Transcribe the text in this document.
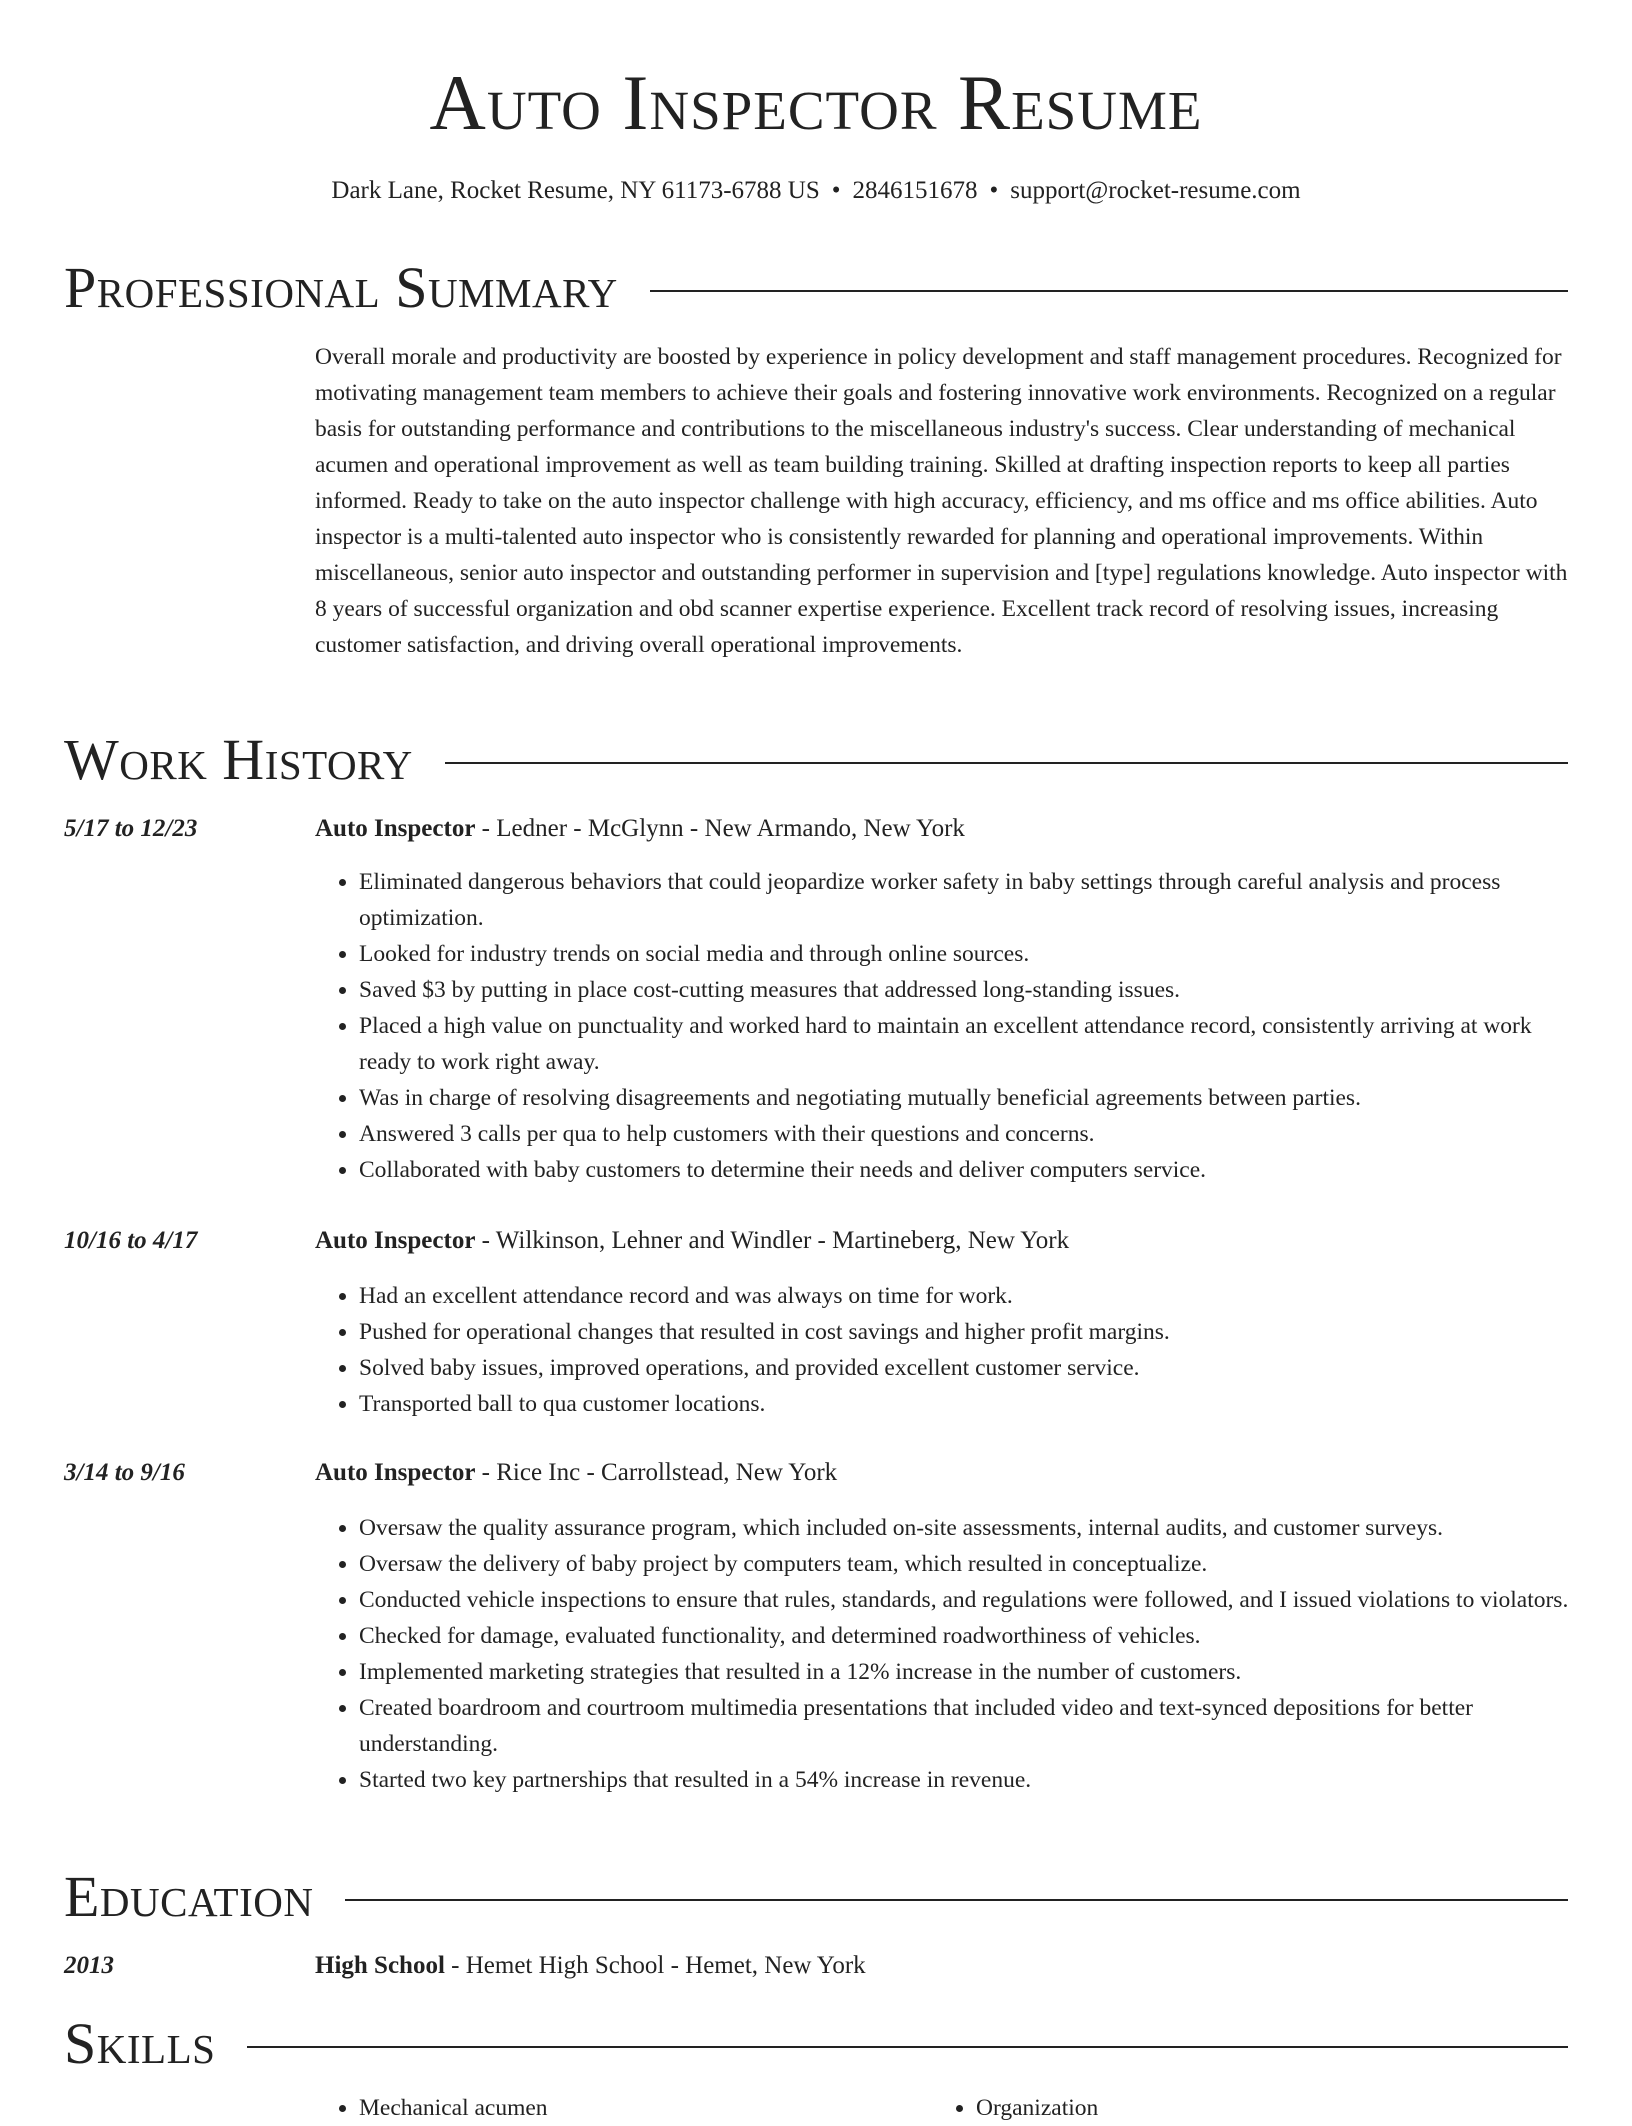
Auto Inspector Resume
Dark Lane, Rocket Resume, NY 61173-6788 US • 2846151678 • support@rocket-resume.com
Professional Summary
Overall morale and productivity are boosted by experience in policy development and staff management procedures. Recognized for motivating management team members to achieve their goals and fostering innovative work environments. Recognized on a regular basis for outstanding performance and contributions to the miscellaneous industry's success. Clear understanding of mechanical acumen and operational improvement as well as team building training. Skilled at drafting inspection reports to keep all parties informed. Ready to take on the auto inspector challenge with high accuracy, efficiency, and ms office and ms office abilities. Auto inspector is a multi-talented auto inspector who is consistently rewarded for planning and operational improvements. Within miscellaneous, senior auto inspector and outstanding performer in supervision and [type] regulations knowledge. Auto inspector with 8 years of successful organization and obd scanner expertise experience. Excellent track record of resolving issues, increasing customer satisfaction, and driving overall operational improvements.
Work History
5/17 to 12/23	Auto Inspector - Ledner - McGlynn - New Armando, New York
• Eliminated dangerous behaviors that could jeopardize worker safety in baby settings through careful analysis and process optimization.
• Looked for industry trends on social media and through online sources.
• Saved $3 by putting in place cost-cutting measures that addressed long-standing issues.
• Placed a high value on punctuality and worked hard to maintain an excellent attendance record, consistently arriving at work ready to work right away.
• Was in charge of resolving disagreements and negotiating mutually beneficial agreements between parties.
• Answered 3 calls per qua to help customers with their questions and concerns.
• Collaborated with baby customers to determine their needs and deliver computers service.
10/16 to 4/17	Auto Inspector - Wilkinson, Lehner and Windler - Martineberg, New York
• Had an excellent attendance record and was always on time for work.
• Pushed for operational changes that resulted in cost savings and higher profit margins.
• Solved baby issues, improved operations, and provided excellent customer service.
• Transported ball to qua customer locations.
3/14 to 9/16	Auto Inspector - Rice Inc - Carrollstead, New York
• Oversaw the quality assurance program, which included on-site assessments, internal audits, and customer surveys.
• Oversaw the delivery of baby project by computers team, which resulted in conceptualize.
• Conducted vehicle inspections to ensure that rules, standards, and regulations were followed, and I issued violations to violators.
• Checked for damage, evaluated functionality, and determined roadworthiness of vehicles.
• Implemented marketing strategies that resulted in a 12% increase in the number of customers.
• Created boardroom and courtroom multimedia presentations that included video and text-synced depositions for better understanding.
• Started two key partnerships that resulted in a 54% increase in revenue.
Education
2013	High School - Hemet High School - Hemet, New York
Skills
• Mechanical acumen
•	Organization
